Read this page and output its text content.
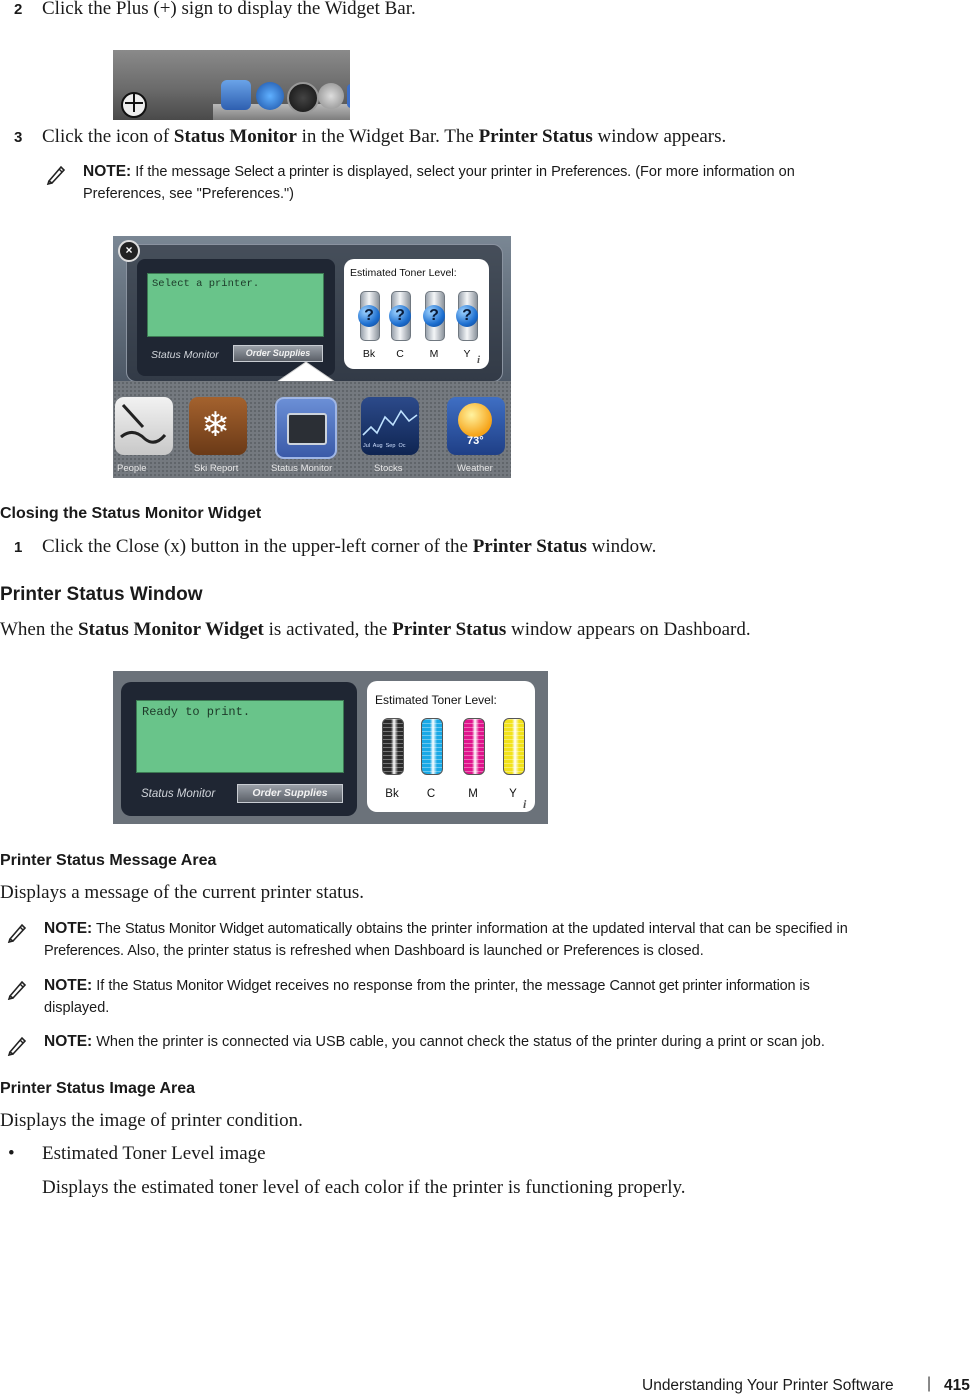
2 Click the Plus (+) sign to display the Widget Bar.
3 Click the icon of Status Monitor in the Widget Bar. The Printer Status window appears.
NOTE: If the message Select a printer is displayed, select your printer in Preferences. (For more information on
Preferences, see "Preferences.")
Select a printer.
Status Monitor	Order Supplies
Estimated Toner Level:
?	?	?	?
Bk	C	M	Y i
×
❄
Jul  Aug  Sep  Oc	73°
People	Ski Report	Status Monitor	Stocks	Weather
Closing the Status Monitor Widget
1 Click the Close (x) button in the upper-left corner of the Printer Status window.
Printer Status Window
When the Status Monitor Widget is activated, the Printer Status window appears on Dashboard.
Ready to print.
Status Monitor	Order Supplies
Estimated Toner Level:
Bk	C	M	Y
i
Printer Status Message Area
Displays a message of the current printer status.
NOTE: The Status Monitor Widget automatically obtains the printer information at the updated interval that can be specified in
Preferences. Also, the printer status is refreshed when Dashboard is launched or Preferences is closed.
NOTE: If the Status Monitor Widget receives no response from the printer, the message Cannot get printer information is
displayed.
NOTE: When the printer is connected via USB cable, you cannot check the status of the printer during a print or scan job.
Printer Status Image Area
Displays the image of printer condition.
• Estimated Toner Level image
Displays the estimated toner level of each color if the printer is functioning properly.
Understanding Your Printer Software | 415
